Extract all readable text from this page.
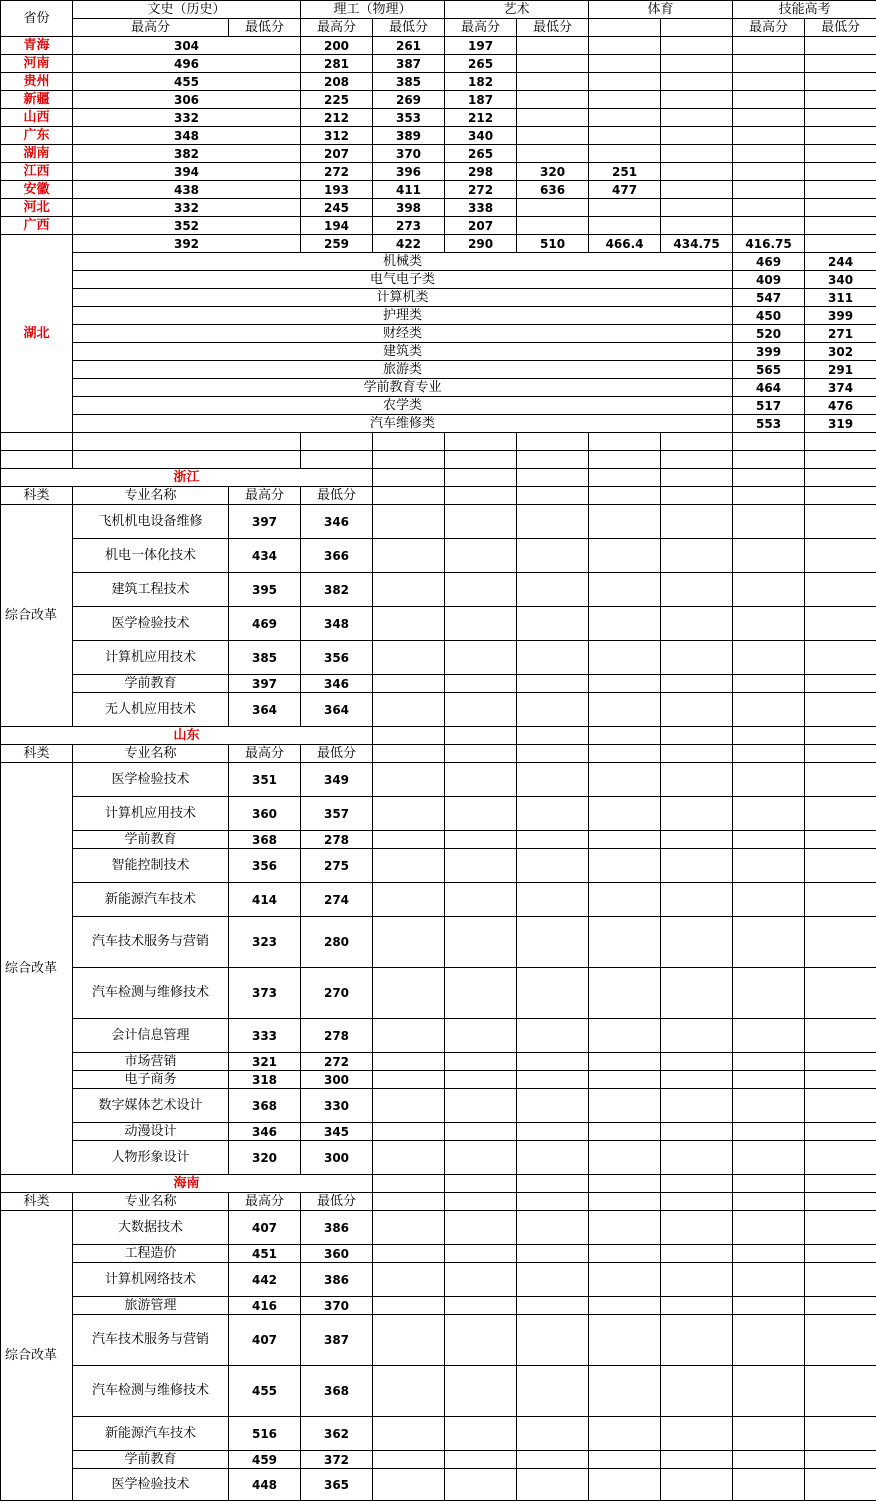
省份	文史（历史）		理工（物理）		艺术		体育		技能高考		
	最高分	最低分	最高分	最低分	最高分	最低分			最高分	最低分	
青海	304		200	261	197						
河南	496		281	387	265						
贵州	455		208	385	182						
新疆	306		225	269	187						
山西	332		212	353	212						
广东	348		312	389	340						
湖南	382		207	370	265						
江西	394		272	396	298	320	251				
安徽	438		193	411	272	636	477				
河北	332		245	398	338						
广西	352		194	273	207						
湖北	392		259	422	290	510	466.4	434.75	416.75		
	机械类								469	244	
	电气电子类								409	340	
	计算机类								547	311	
	护理类								450	399	
	财经类								520	271	
	建筑类								399	302	
	旅游类								565	291	
	学前教育专业								464	374	
	农学类								517	476	
	汽车维修类								553	319	

浙江											
科类	专业名称	最高分	最低分								
综合改革	飞机机电设备维修	397	346								
	机电一体化技术	434	366								
	建筑工程技术	395	382								
	医学检验技术	469	348								
	计算机应用技术	385	356								
	学前教育	397	346								
	无人机应用技术	364	364								
山东											
科类	专业名称	最高分	最低分								
综合改革	医学检验技术	351	349								
	计算机应用技术	360	357								
	学前教育	368	278								
	智能控制技术	356	275								
	新能源汽车技术	414	274								
	汽车技术服务与营销	323	280								
	汽车检测与维修技术	373	270								
	会计信息管理	333	278								
	市场营销	321	272								
	电子商务	318	300								
	数字媒体艺术设计	368	330								
	动漫设计	346	345								
	人物形象设计	320	300								
海南											
科类	专业名称	最高分	最低分								
综合改革	大数据技术	407	386								
	工程造价	451	360								
	计算机网络技术	442	386								
	旅游管理	416	370								
	汽车技术服务与营销	407	387								
	汽车检测与维修技术	455	368								
	新能源汽车技术	516	362								
	学前教育	459	372								
	医学检验技术	448	365								
